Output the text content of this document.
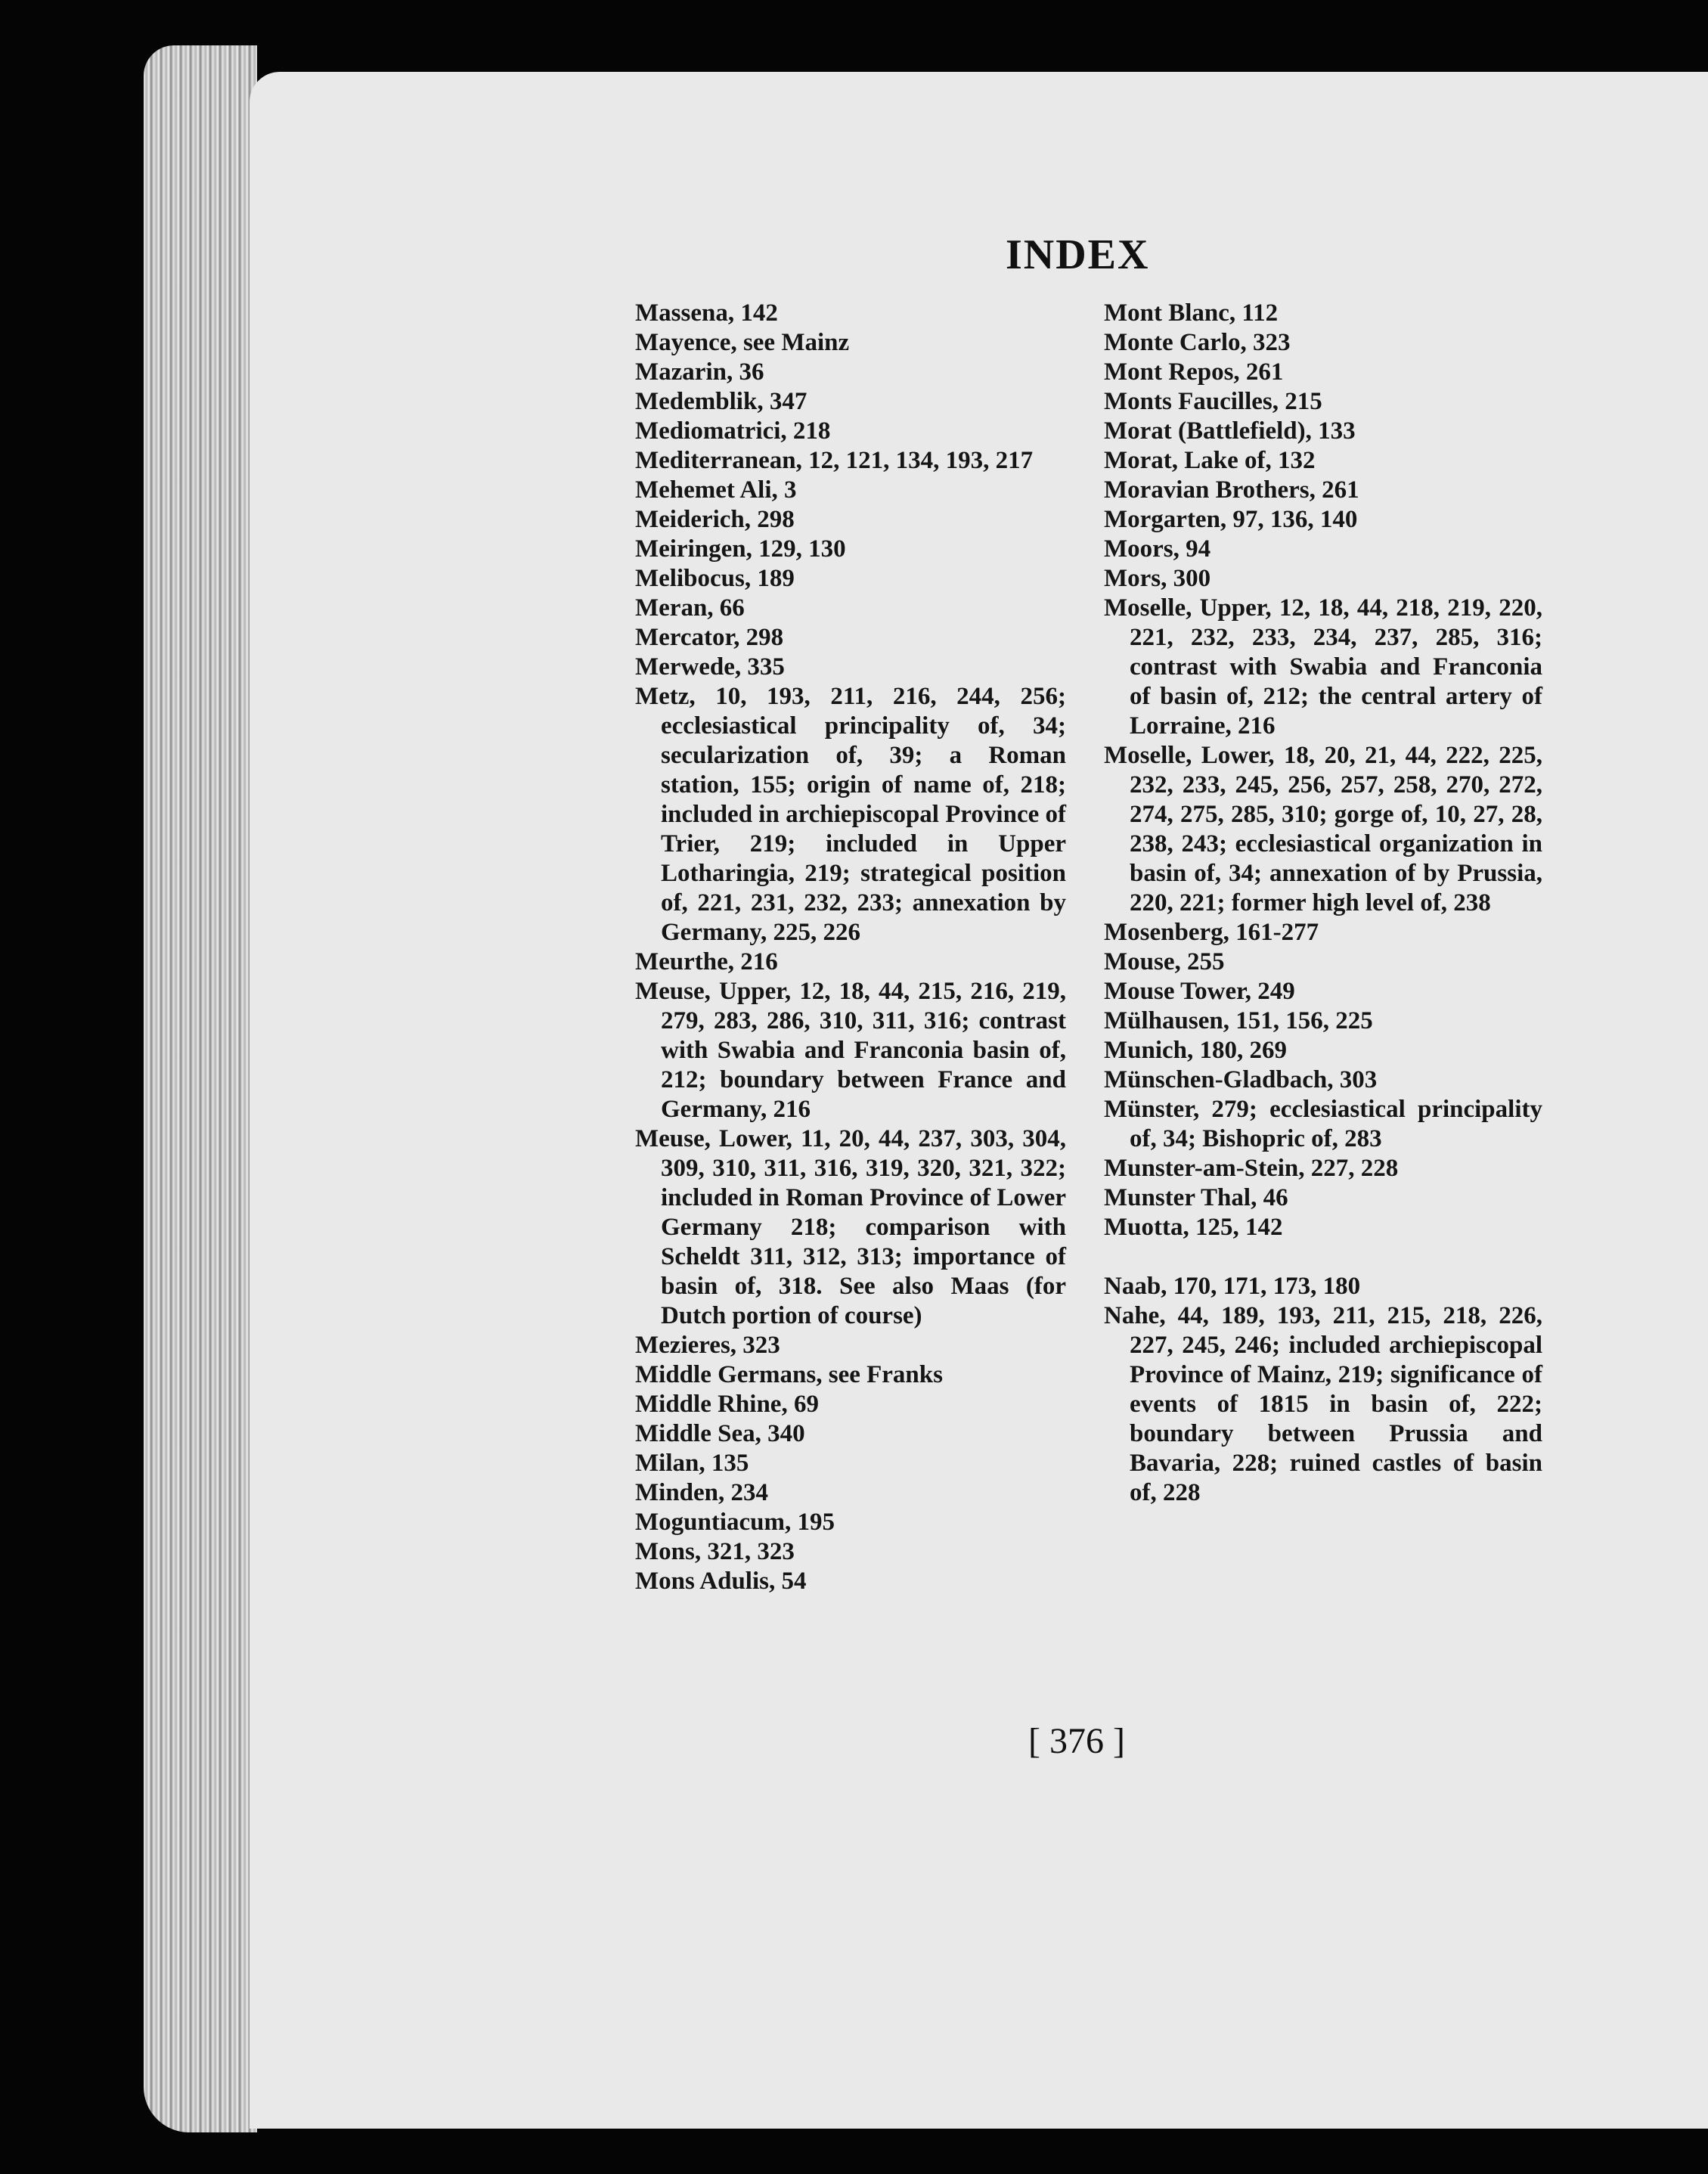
INDEX

Massena, 142

Mayence, see Mainz

Mazarin, 36

Medemblik, 347

Mediomatrici, 218

Mediterranean, 12, 121, 134, 193, 217

Mehemet Ali, 3

Meiderich, 298

Meiringen, 129, 130

Melibocus, 189

Meran, 66

Mercator, 298

Merwede, 335

Metz, 10, 193, 211, 216, 244, 256; ecclesiastical principality of, 34; secularization of, 39; a Roman station, 155; origin of name of, 218; included in archiepiscopal Province of Trier, 219; included in Upper Lotharingia, 219; strategical position of, 221, 231, 232, 233; annexation by Germany, 225, 226

Meurthe, 216

Meuse, Upper, 12, 18, 44, 215, 216, 219, 279, 283, 286, 310, 311, 316; contrast with Swabia and Franconia basin of, 212; boundary between France and Germany, 216

Meuse, Lower, 11, 20, 44, 237, 303, 304, 309, 310, 311, 316, 319, 320, 321, 322; included in Roman Province of Lower Germany 218; comparison with Scheldt 311, 312, 313; importance of basin of, 318. See also Maas (for Dutch portion of course)

Mezieres, 323

Middle Germans, see Franks

Middle Rhine, 69

Middle Sea, 340

Milan, 135

Minden, 234

Moguntiacum, 195

Mons, 321, 323

Mons Adulis, 54

Mont Blanc, 112

Monte Carlo, 323

Mont Repos, 261

Monts Faucilles, 215

Morat (Battlefield), 133

Morat, Lake of, 132

Moravian Brothers, 261

Morgarten, 97, 136, 140

Moors, 94

Mors, 300

Moselle, Upper, 12, 18, 44, 218, 219, 220, 221, 232, 233, 234, 237, 285, 316; contrast with Swabia and Franconia of basin of, 212; the central artery of Lorraine, 216

Moselle, Lower, 18, 20, 21, 44, 222, 225, 232, 233, 245, 256, 257, 258, 270, 272, 274, 275, 285, 310; gorge of, 10, 27, 28, 238, 243; ecclesiastical organization in basin of, 34; annexation of by Prussia, 220, 221; former high level of, 238

Mosenberg, 161-277

Mouse, 255

Mouse Tower, 249

Mülhausen, 151, 156, 225

Munich, 180, 269

Münschen-Gladbach, 303

Münster, 279; ecclesiastical principality of, 34; Bishopric of, 283

Munster-am-Stein, 227, 228

Munster Thal, 46

Muotta, 125, 142

Naab, 170, 171, 173, 180

Nahe, 44, 189, 193, 211, 215, 218, 226, 227, 245, 246; included archiepiscopal Province of Mainz, 219; significance of events of 1815 in basin of, 222; boundary between Prussia and Bavaria, 228; ruined castles of basin of, 228

[ 376 ]
